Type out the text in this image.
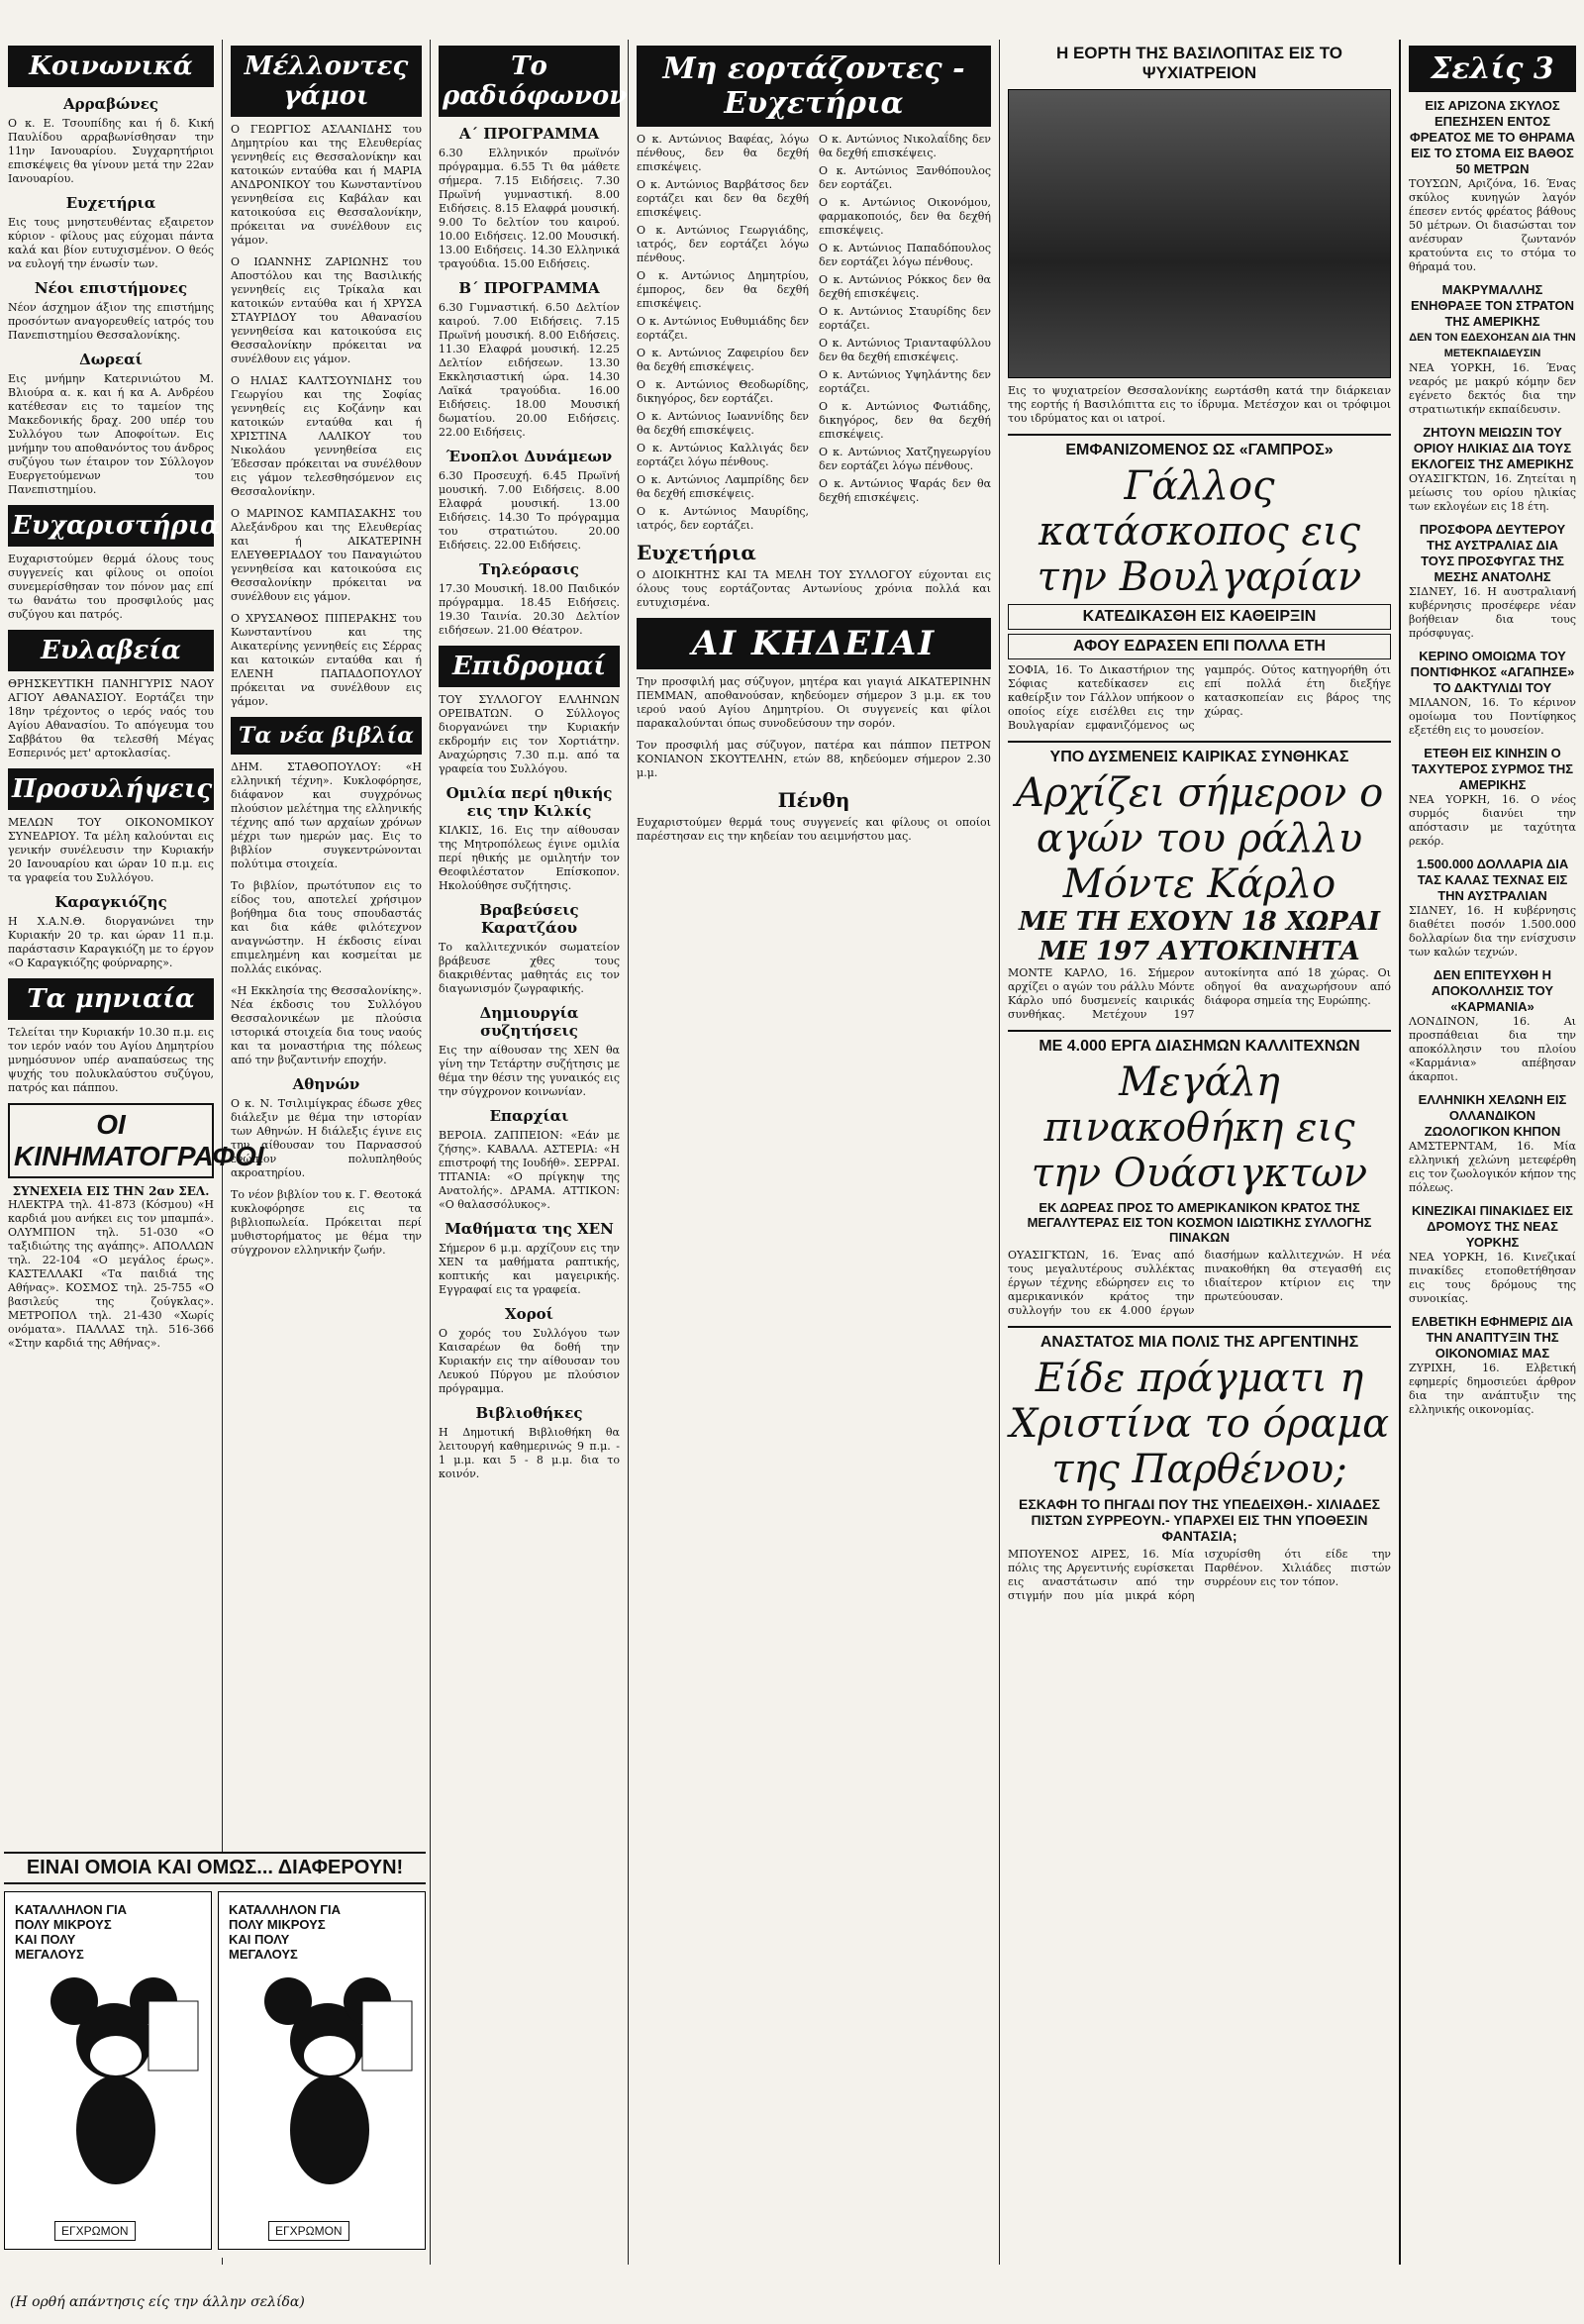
Κοινωνικά
Αρραβώνες

Ο κ. Ε. Τσουπίδης και ή δ. Κική Παυλίδου αρραβωνίσθησαν την 11ην Ιανουαρίου. Συγχαρητήριοι επισκέψεις θα γίνουν μετά την 22αν Ιανουαρίου.

Ευχετήρια

Εις τους μνηστευθέντας εξαιρετον κύριον - φίλους μας εύχομαι πάντα καλά και βίον ευτυχισμένον. Ο θεός να ευλογή την ένωσίν των.

Νέοι επιστήμονες

Νέον άσχημον άξιον της επιστήμης προσόντων αναγορευθείς ιατρός του Πανεπιστημίου Θεσσαλονίκης.

Δωρεαί

Εις μνήμην Κατερινιώτου Μ. Βλιούρα α. κ. και ή κα Α. Ανδρέου κατέθεσαν εις το ταμείον της Μακεδονικής δραχ. 200 υπέρ του Συλλόγου των Αποφοίτων. Εις μνήμην του αποθανόντος του άνδρος συζύγου των έταιρον τον Σύλλογον Ευεργετούμενων του Πανεπιστημίου.

Ευχαριστήρια

Ευχαριστούμεν θερμά όλους τους συγγενείς και φίλους οι οποίοι συνεμερίσθησαν τον πόνον μας επί τω θανάτω του προσφιλούς μας συζύγου και πατρός.

Ευλαβεία

ΘΡΗΣΚΕΥΤΙΚΗ ΠΑΝΗΓΥΡΙΣ ΝΑΟΥ ΑΓΙΟΥ ΑΘΑΝΑΣΙΟΥ. Εορτάζει την 18ην τρέχοντος ο ιερός ναός του Αγίου Αθανασίου. Το απόγευμα του Σαββάτου θα τελεσθή Μέγας Εσπερινός μετ' αρτοκλασίας.

Προσυλήψεις

ΜΕΛΩΝ ΤΟΥ ΟΙΚΟΝΟΜΙΚΟΥ ΣΥΝΕΔΡΙΟΥ. Τα μέλη καλούνται εις γενικήν συνέλευσιν την Κυριακήν 20 Ιανουαρίου και ώραν 10 π.μ. εις τα γραφεία του Συλλόγου.

Καραγκιόζης

Η Χ.Α.Ν.Θ. διοργανώνει την Κυριακήν 20 τρ. και ώραν 11 π.μ. παράστασιν Καραγκιόζη με το έργον «Ο Καραγκιόζης φούρναρης».

Τα μηνιαία

Τελείται την Κυριακήν 10.30 π.μ. εις τον ιερόν ναόν του Αγίου Δημητρίου μνημόσυνον υπέρ αναπαύσεως της ψυχής του πολυκλαύστου συζύγου, πατρός και πάππου.

ΟΙ ΚΙΝΗΜΑΤΟΓΡΑΦΟΙ
ΣΥΝΕΧΕΙΑ ΕΙΣ ΤΗΝ 2αν ΣΕΛ.

ΗΛΕΚΤΡΑ τηλ. 41-873 (Κόσμου) «Η καρδιά μου ανήκει εις τον μπαμπά». ΟΛΥΜΠΙΟΝ τηλ. 51-030 «Ο ταξιδιώτης της αγάπης». ΑΠΟΛΛΩΝ τηλ. 22-104 «Ο μεγάλος έρως». ΚΑΣΤΕΛΛΑΚΙ «Τα παιδιά της Αθήνας». ΚΟΣΜΟΣ τηλ. 25-755 «Ο βασιλεύς της ζούγκλας». ΜΕΤΡΟΠΟΛ τηλ. 21-430 «Χωρίς ονόματα». ΠΑΛΛΑΣ τηλ. 516-366 «Στην καρδιά της Αθήνας».

Μέλλοντες γάμοι

Ο ΓΕΩΡΓΙΟΣ ΑΣΛΑΝΙΔΗΣ του Δημητρίου και της Ελευθερίας γεννηθείς εις Θεσσαλονίκην και κατοικών ενταύθα και ή ΜΑΡΙΑ ΑΝΔΡΟΝΙΚΟΥ του Κωνσταντίνου γεννηθείσα εις Καβάλαν και κατοικούσα εις Θεσσαλονίκην, πρόκειται να συνέλθουν εις γάμον.

Ο ΙΩΑΝΝΗΣ ΖΑΡΙΩΝΗΣ του Αποστόλου και της Βασιλικής γεννηθείς εις Τρίκαλα και κατοικών ενταύθα και ή ΧΡΥΣΑ ΣΤΑΥΡΙΔΟΥ του Αθανασίου γεννηθείσα και κατοικούσα εις Θεσσαλονίκην πρόκειται να συνέλθουν εις γάμον.

Ο ΗΛΙΑΣ ΚΑΛΤΣΟΥΝΙΔΗΣ του Γεωργίου και της Σοφίας γεννηθείς εις Κοζάνην και κατοικών ενταύθα και ή ΧΡΙΣΤΙΝΑ ΛΑΛΙΚΟΥ του Νικολάου γεννηθείσα εις Έδεσσαν πρόκειται να συνέλθουν εις γάμον τελεσθησόμενον εις Θεσσαλονίκην.

Ο ΜΑΡΙΝΟΣ ΚΑΜΠΑΣΑΚΗΣ του Αλεξάνδρου και της Ελευθερίας και ή ΑΙΚΑΤΕΡΙΝΗ ΕΛΕΥΘΕΡΙΑΔΟΥ του Παναγιώτου γεννηθείσα και κατοικούσα εις Θεσσαλονίκην πρόκειται να συνέλθουν εις γάμον.

Ο ΧΡΥΣΑΝΘΟΣ ΠΙΠΕΡΑΚΗΣ του Κωνσταντίνου και της Αικατερίνης γεννηθείς εις Σέρρας και κατοικών ενταύθα και ή ΕΛΕΝΗ ΠΑΠΑΔΟΠΟΥΛΟΥ πρόκειται να συνέλθουν εις γάμον.

Τα νέα βιβλία

ΔΗΜ. ΣΤΑΘΟΠΟΥΛΟΥ: «Η ελληνική τέχνη». Κυκλοφόρησε, διάφανον και συγχρόνως πλούσιον μελέτημα της ελληνικής τέχνης από των αρχαίων χρόνων μέχρι των ημερών μας. Εις το βιβλίον συγκεντρώνονται πολύτιμα στοιχεία.

Το βιβλίον, πρωτότυπον εις το είδος του, αποτελεί χρήσιμον βοήθημα δια τους σπουδαστάς και δια κάθε φιλότεχνον αναγνώστην. Η έκδοσις είναι επιμελημένη και κοσμείται με πολλάς εικόνας.

«Η Εκκλησία της Θεσσαλονίκης». Νέα έκδοσις του Συλλόγου Θεσσαλονικέων με πλούσια ιστορικά στοιχεία δια τους ναούς και τα μοναστήρια της πόλεως από την βυζαντινήν εποχήν.

Αθηνών

Ο κ. Ν. Τσιλιμίγκρας έδωσε χθες διάλεξιν με θέμα την ιστορίαν των Αθηνών. Η διάλεξις έγινε εις την αίθουσαν του Παρνασσού ενώπιον πολυπληθούς ακροατηρίου.

Το νέον βιβλίον του κ. Γ. Θεοτοκά κυκλοφόρησε εις τα βιβλιοπωλεία. Πρόκειται περί μυθιστορήματος με θέμα την σύγχρονον ελληνικήν ζωήν.

Το ραδιόφωνον
Α΄ ΠΡΟΓΡΑΜΜΑ

6.30 Ελληνικόν πρωϊνόν πρόγραμμα. 6.55 Τι θα μάθετε σήμερα. 7.15 Ειδήσεις. 7.30 Πρωϊνή γυμναστική. 8.00 Ειδήσεις. 8.15 Ελαφρά μουσική. 9.00 Το δελτίον του καιρού. 10.00 Ειδήσεις. 12.00 Μουσική. 13.00 Ειδήσεις. 14.30 Ελληνικά τραγούδια. 15.00 Ειδήσεις.

Β΄ ΠΡΟΓΡΑΜΜΑ

6.30 Γυμναστική. 6.50 Δελτίον καιρού. 7.00 Ειδήσεις. 7.15 Πρωϊνή μουσική. 8.00 Ειδήσεις. 11.30 Ελαφρά μουσική. 12.25 Δελτίον ειδήσεων. 13.30 Εκκλησιαστική ώρα. 14.30 Λαϊκά τραγούδια. 16.00 Ειδήσεις. 18.00 Μουσική δωματίου. 20.00 Ειδήσεις. 22.00 Ειδήσεις.

Ένοπλοι Δυνάμεων

6.30 Προσευχή. 6.45 Πρωϊνή μουσική. 7.00 Ειδήσεις. 8.00 Ελαφρά μουσική. 13.00 Ειδήσεις. 14.30 Το πρόγραμμα του στρατιώτου. 20.00 Ειδήσεις. 22.00 Ειδήσεις.

Τηλεόρασις

17.30 Μουσική. 18.00 Παιδικόν πρόγραμμα. 18.45 Ειδήσεις. 19.30 Ταινία. 20.30 Δελτίον ειδήσεων. 21.00 Θέατρον.

Επιδρομαί

ΤΟΥ ΣΥΛΛΟΓΟΥ ΕΛΛΗΝΩΝ ΟΡΕΙΒΑΤΩΝ. Ο Σύλλογος διοργανώνει την Κυριακήν εκδρομήν εις τον Χορτιάτην. Αναχώρησις 7.30 π.μ. από τα γραφεία του Συλλόγου.

Ομιλία περί ηθικής εις την Κιλκίς

ΚΙΛΚΙΣ, 16. Εις την αίθουσαν της Μητροπόλεως έγινε ομιλία περί ηθικής με ομιλητήν τον Θεοφιλέστατον Επίσκοπον. Ηκολούθησε συζήτησις.

Βραβεύσεις Καρατζάου

Το καλλιτεχνικόν σωματείον βράβευσε χθες τους διακριθέντας μαθητάς εις τον διαγωνισμόν ζωγραφικής.

Δημιουργία συζητήσεις

Εις την αίθουσαν της ΧΕΝ θα γίνη την Τετάρτην συζήτησις με θέμα την θέσιν της γυναικός εις την σύγχρονον κοινωνίαν.

Επαρχίαι

ΒΕΡΟΙΑ. ΖΑΠΠΕΙΟΝ: «Εάν με ζήσης». ΚΑΒΑΛΑ. ΑΣΤΕΡΙΑ: «Η επιστροφή της Ιουδήθ». ΣΕΡΡΑΙ. ΤΙΤΑΝΙΑ: «Ο πρίγκηψ της Ανατολής». ΔΡΑΜΑ. ΑΤΤΙΚΟΝ: «Ο θαλασσόλυκος».

Μαθήματα της ΧΕΝ

Σήμερον 6 μ.μ. αρχίζουν εις την ΧΕΝ τα μαθήματα ραπτικής, κοπτικής και μαγειρικής. Εγγραφαί εις τα γραφεία.

Χοροί

Ο χορός του Συλλόγου των Καισαρέων θα δοθή την Κυριακήν εις την αίθουσαν του Λευκού Πύργου με πλούσιον πρόγραμμα.

Βιβλιοθήκες

Η Δημοτική Βιβλιοθήκη θα λειτουργή καθημερινώς 9 π.μ. - 1 μ.μ. και 5 - 8 μ.μ. δια το κοινόν.

Μη εορτάζοντες - Ευχετήρια

Ο κ. Αντώνιος Βαφέας, λόγω πένθους, δεν θα δεχθή επισκέψεις.

Ο κ. Αντώνιος Βαρβάτσος δεν εορτάζει και δεν θα δεχθή επισκέψεις.

Ο κ. Αντώνιος Γεωργιάδης, ιατρός, δεν εορτάζει λόγω πένθους.

Ο κ. Αντώνιος Δημητρίου, έμπορος, δεν θα δεχθή επισκέψεις.

Ο κ. Αντώνιος Ευθυμιάδης δεν εορτάζει.

Ο κ. Αντώνιος Ζαφειρίου δεν θα δεχθή επισκέψεις.

Ο κ. Αντώνιος Θεοδωρίδης, δικηγόρος, δεν εορτάζει.

Ο κ. Αντώνιος Ιωαννίδης δεν θα δεχθή επισκέψεις.

Ο κ. Αντώνιος Καλλιγάς δεν εορτάζει λόγω πένθους.

Ο κ. Αντώνιος Λαμπρίδης δεν θα δεχθή επισκέψεις.

Ο κ. Αντώνιος Μαυρίδης, ιατρός, δεν εορτάζει.

Ο κ. Αντώνιος Νικολαΐδης δεν θα δεχθή επισκέψεις.

Ο κ. Αντώνιος Ξανθόπουλος δεν εορτάζει.

Ο κ. Αντώνιος Οικονόμου, φαρμακοποιός, δεν θα δεχθή επισκέψεις.

Ο κ. Αντώνιος Παπαδόπουλος δεν εορτάζει λόγω πένθους.

Ο κ. Αντώνιος Ρόκκος δεν θα δεχθή επισκέψεις.

Ο κ. Αντώνιος Σταυρίδης δεν εορτάζει.

Ο κ. Αντώνιος Τριανταφύλλου δεν θα δεχθή επισκέψεις.

Ο κ. Αντώνιος Υψηλάντης δεν εορτάζει.

Ο κ. Αντώνιος Φωτιάδης, δικηγόρος, δεν θα δεχθή επισκέψεις.

Ο κ. Αντώνιος Χατζηγεωργίου δεν εορτάζει λόγω πένθους.

Ο κ. Αντώνιος Ψαράς δεν θα δεχθή επισκέψεις.

Ευχετήρια

Ο ΔΙΟΙΚΗΤΗΣ ΚΑΙ ΤΑ ΜΕΛΗ ΤΟΥ ΣΥΛΛΟΓΟΥ εύχονται εις όλους τους εορτάζοντας Αντωνίους χρόνια πολλά και ευτυχισμένα.

ΑΙ ΚΗΔΕΙΑΙ

Την προσφιλή μας σύζυγον, μητέρα και γιαγιά ΑΙΚΑΤΕΡΙΝΗΝ ΠΕΜΜΑΝ, αποθανούσαν, κηδεύομεν σήμερον 3 μ.μ. εκ του ιερού ναού Αγίου Δημητρίου. Οι συγγενείς και φίλοι παρακαλούνται όπως συνοδεύσουν την σορόν.

Τον προσφιλή μας σύζυγον, πατέρα και πάππον ΠΕΤΡΟΝ ΚΟΝΙΑΝΟΝ ΣΚΟΥΤΕΛΗΝ, ετών 88, κηδεύομεν σήμερον 2.30 μ.μ.

Πένθη

Ευχαριστούμεν θερμά τους συγγενείς και φίλους οι οποίοι παρέστησαν εις την κηδείαν του αειμνήστου μας.

Η ΕΟΡΤΗ ΤΗΣ ΒΑΣΙΛΟΠΙΤΑΣ ΕΙΣ ΤΟ ΨΥΧΙΑΤΡΕΙΟΝ

Εις το ψυχιατρείον Θεσσαλονίκης εωρτάσθη κατά την διάρκειαν της εορτής ή Βασιλόπιττα εις το ίδρυμα. Μετέσχον και οι τρόφιμοι του ιδρύματος και οι ιατροί.

ΕΜΦΑΝΙΖΟΜΕΝΟΣ ΩΣ «ΓΑΜΠΡΟΣ»
Γάλλος κατάσκοπος εις την Βουλγαρίαν
ΚΑΤΕΔΙΚΑΣΘΗ ΕΙΣ ΚΑΘΕΙΡΞΙΝ
ΑΦΟΥ ΕΔΡΑΣΕΝ ΕΠΙ ΠΟΛΛΑ ΕΤΗ

ΣΟΦΙΑ, 16. Το Δικαστήριον της Σόφιας κατεδίκασεν εις καθείρξιν τον Γάλλον υπήκοον ο οποίος είχε εισέλθει εις την Βουλγαρίαν εμφανιζόμενος ως γαμπρός. Ούτος κατηγορήθη ότι επί πολλά έτη διεξήγε κατασκοπείαν εις βάρος της χώρας.

ΥΠΟ ΔΥΣΜΕΝΕΙΣ ΚΑΙΡΙΚΑΣ ΣΥΝΘΗΚΑΣ
Αρχίζει σήμερον ο αγών του ράλλυ Μόντε Κάρλο
ΜΕ ΤΗ ΕΧΟΥΝ 18 ΧΩΡΑΙ ΜΕ 197 ΑΥΤΟΚΙΝΗΤΑ

ΜΟΝΤΕ ΚΑΡΛΟ, 16. Σήμερον αρχίζει ο αγών του ράλλυ Μόντε Κάρλο υπό δυσμενείς καιρικάς συνθήκας. Μετέχουν 197 αυτοκίνητα από 18 χώρας. Οι οδηγοί θα αναχωρήσουν από διάφορα σημεία της Ευρώπης.

ΜΕ 4.000 ΕΡΓΑ ΔΙΑΣΗΜΩΝ ΚΑΛΛΙΤΕΧΝΩΝ
Μεγάλη πινακοθήκη εις την Ουάσιγκτων
ΕΚ ΔΩΡΕΑΣ ΠΡΟΣ ΤΟ ΑΜΕΡΙΚΑΝΙΚΟΝ ΚΡΑΤΟΣ ΤΗΣ ΜΕΓΑΛΥΤΕΡΑΣ ΕΙΣ ΤΟΝ ΚΟΣΜΟΝ ΙΔΙΩΤΙΚΗΣ ΣΥΛΛΟΓΗΣ ΠΙΝΑΚΩΝ

ΟΥΑΣΙΓΚΤΩΝ, 16. Ένας από τους μεγαλυτέρους συλλέκτας έργων τέχνης εδώρησεν εις το αμερικανικόν κράτος την συλλογήν του εκ 4.000 έργων διασήμων καλλιτεχνών. Η νέα πινακοθήκη θα στεγασθή εις ιδιαίτερον κτίριον εις την πρωτεύουσαν.

ΑΝΑΣΤΑΤΟΣ ΜΙΑ ΠΟΛΙΣ ΤΗΣ ΑΡΓΕΝΤΙΝΗΣ
Είδε πράγματι η Χριστίνα το όραμα της Παρθένου;
ΕΣΚΑΦΗ ΤΟ ΠΗΓΑΔΙ ΠΟΥ ΤΗΣ ΥΠΕΔΕΙΧΘΗ.- ΧΙΛΙΑΔΕΣ ΠΙΣΤΩΝ ΣΥΡΡΕΟΥΝ.- ΥΠΑΡΧΕΙ ΕΙΣ ΤΗΝ ΥΠΟΘΕΣΙΝ ΦΑΝΤΑΣΙΑ;

ΜΠΟΥΕΝΟΣ ΑΙΡΕΣ, 16. Μία πόλις της Αργεντινής ευρίσκεται εις αναστάτωσιν από την στιγμήν που μία μικρά κόρη ισχυρίσθη ότι είδε την Παρθένον. Χιλιάδες πιστών συρρέουν εις τον τόπον.

Σελίς 3
ΕΙΣ ΑΡΙΖΟΝΑ ΣΚΥΛΟΣ ΕΠΕΣΗΣΕΝ ΕΝΤΟΣ ΦΡΕΑΤΟΣ ΜΕ ΤΟ ΘΗΡΑΜΑ ΕΙΣ ΤΟ ΣΤΟΜΑ ΕΙΣ ΒΑΘΟΣ 50 ΜΕΤΡΩΝ

ΤΟΥΣΩΝ, Αριζόνα, 16. Ένας σκύλος κυνηγών λαγόν έπεσεν εντός φρέατος βάθους 50 μέτρων. Οι διασώσται τον ανέσυραν ζωντανόν κρατούντα εις το στόμα το θήραμά του.

ΜΑΚΡΥΜΑΛΛΗΣ ΕΝΗΘΡΑΞΕ ΤΟΝ ΣΤΡΑΤΟΝ ΤΗΣ ΑΜΕΡΙΚΗΣ
ΔΕΝ ΤΟΝ ΕΔΕΧΟΗΣΑΝ ΔΙΑ ΤΗΝ ΜΕΤΕΚΠΑΙΔΕΥΣΙΝ

ΝΕΑ ΥΟΡΚΗ, 16. Ένας νεαρός με μακρύ κόμην δεν εγένετο δεκτός δια την στρατιωτικήν εκπαίδευσιν.

ΖΗΤΟΥΝ ΜΕΙΩΣΙΝ ΤΟΥ ΟΡΙΟΥ ΗΛΙΚΙΑΣ ΔΙΑ ΤΟΥΣ ΕΚΛΟΓΕΙΣ ΤΗΣ ΑΜΕΡΙΚΗΣ

ΟΥΑΣΙΓΚΤΩΝ, 16. Ζητείται η μείωσις του ορίου ηλικίας των εκλογέων εις 18 έτη.

ΠΡΟΣΦΟΡΑ ΔΕΥΤΕΡΟΥ ΤΗΣ ΑΥΣΤΡΑΛΙΑΣ ΔΙΑ ΤΟΥΣ ΠΡΟΣΦΥΓΑΣ ΤΗΣ ΜΕΣΗΣ ΑΝΑΤΟΛΗΣ

ΣΙΔΝΕΥ, 16. Η αυστραλιανή κυβέρνησις προσέφερε νέαν βοήθειαν δια τους πρόσφυγας.

ΚΕΡΙΝΟ ΟΜΟΙΩΜΑ ΤΟΥ ΠΟΝΤΙΦΗΚΟΣ «ΑΓΑΠΗΣΕ» ΤΟ ΔΑΚΤΥΛΙΔΙ ΤΟΥ

ΜΙΛΑΝΟΝ, 16. Το κέρινον ομοίωμα του Ποντίφηκος εξετέθη εις το μουσείον.

ΕΤΕΘΗ ΕΙΣ ΚΙΝΗΣΙΝ Ο ΤΑΧΥΤΕΡΟΣ ΣΥΡΜΟΣ ΤΗΣ ΑΜΕΡΙΚΗΣ

ΝΕΑ ΥΟΡΚΗ, 16. Ο νέος συρμός διανύει την απόστασιν με ταχύτητα ρεκόρ.

1.500.000 ΔΟΛΛΑΡΙΑ ΔΙΑ ΤΑΣ ΚΑΛΑΣ ΤΕΧΝΑΣ ΕΙΣ ΤΗΝ ΑΥΣΤΡΑΛΙΑΝ

ΣΙΔΝΕΥ, 16. Η κυβέρνησις διαθέτει ποσόν 1.500.000 δολλαρίων δια την ενίσχυσιν των καλών τεχνών.

ΔΕΝ ΕΠΙΤΕΥΧΘΗ Η ΑΠΟΚΟΛΛΗΣΙΣ ΤΟΥ «ΚΑΡΜΑΝΙΑ»

ΛΟΝΔΙΝΟΝ, 16. Αι προσπάθειαι δια την αποκόλλησιν του πλοίου «Καρμάνια» απέβησαν άκαρποι.

ΕΛΛΗΝΙΚΗ ΧΕΛΩΝΗ ΕΙΣ ΟΛΛΑΝΔΙΚΟΝ ΖΩΟΛΟΓΙΚΟΝ ΚΗΠΟΝ

ΑΜΣΤΕΡΝΤΑΜ, 16. Μία ελληνική χελώνη μετεφέρθη εις τον ζωολογικόν κήπον της πόλεως.

ΚΙΝΕΖΙΚΑΙ ΠΙΝΑΚΙΔΕΣ ΕΙΣ ΔΡΟΜΟΥΣ ΤΗΣ ΝΕΑΣ ΥΟΡΚΗΣ

ΝΕΑ ΥΟΡΚΗ, 16. Κινεζικαί πινακίδες ετοποθετήθησαν εις τους δρόμους της συνοικίας.

ΕΛΒΕΤΙΚΗ ΕΦΗΜΕΡΙΣ ΔΙΑ ΤΗΝ ΑΝΑΠΤΥΞΙΝ ΤΗΣ ΟΙΚΟΝΟΜΙΑΣ ΜΑΣ

ΖΥΡΙΧΗ, 16. Ελβετική εφημερίς δημοσιεύει άρθρον δια την ανάπτυξιν της ελληνικής οικονομίας.

ΕΙΝΑΙ ΟΜΟΙΑ ΚΑΙ ΟΜΩΣ... ΔΙΑΦΕΡΟΥΝ!
ΚΑΤΑΛΛΗΛΟΝ ΓΙΑ ΠΟΛΥ ΜΙΚΡΟΥΣ ΚΑΙ ΠΟΛΥ ΜΕΓΑΛΟΥΣ
ΕΓΧΡΩΜΟΝ
ΚΑΤΑΛΛΗΛΟΝ ΓΙΑ ΠΟΛΥ ΜΙΚΡΟΥΣ ΚΑΙ ΠΟΛΥ ΜΕΓΑΛΟΥΣ
ΕΓΧΡΩΜΟΝ
(Η ορθή απάντησις είς την άλλην σελίδα)
